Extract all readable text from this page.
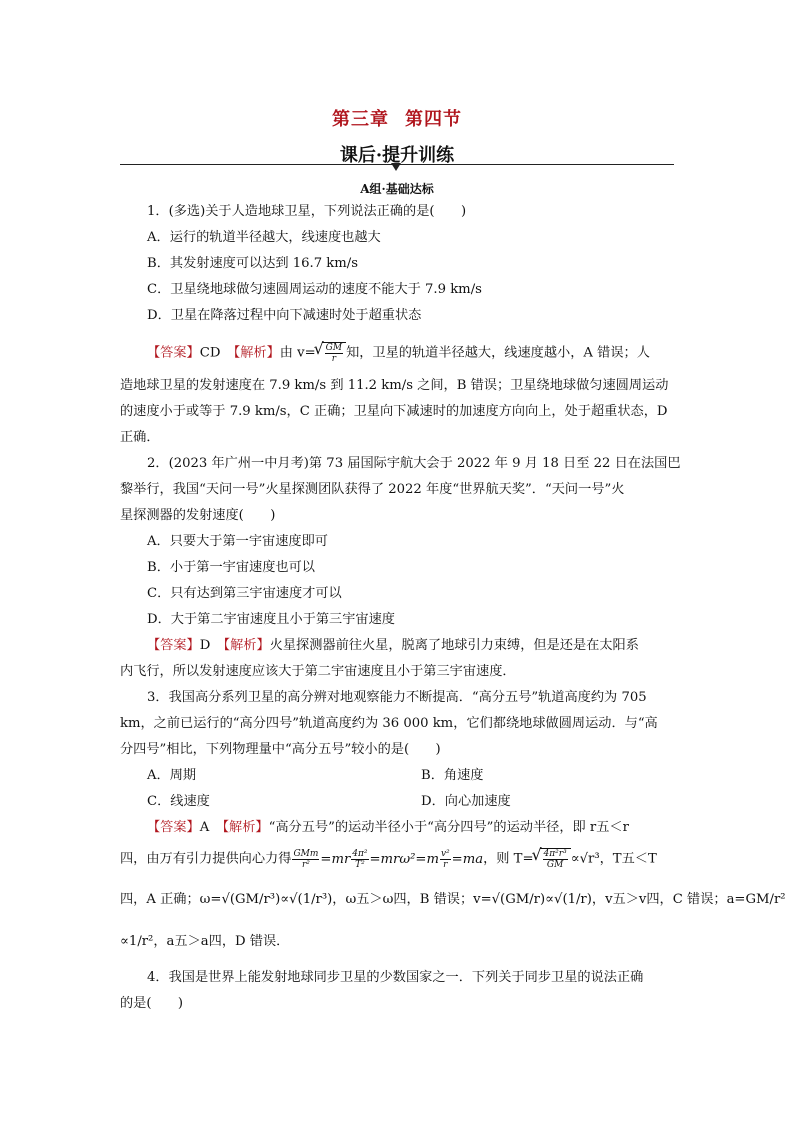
第三章 第四节
课后·提升训练
A组·基础达标
1．(多选)关于人造地球卫星，下列说法正确的是(　　)
A．运行的轨道半径越大，线速度也越大
B．其发射速度可以达到 16.7 km/s
C．卫星绕地球做匀速圆周运动的速度不能大于 7.9 km/s
D．卫星在降落过程中向下减速时处于超重状态
【答案】CD　 【解析】由 v= √ $\frac{GM}{r}$ 知，卫星的轨道半径越大，线速度越小，A 错误；人
造地球卫星的发射速度在 7.9 km/s 到 11.2 km/s 之间，B 错误；卫星绕地球做匀速圆周运动
的速度小于或等于 7.9 km/s，C 正确；卫星向下减速时的加速度方向向上，处于超重状态，D
正确．
2．(2023 年广州一中月考)第 73 届国际宇航大会于 2022 年 9 月 18 日至 22 日在法国巴
黎举行，我国“天问一号”火星探测团队获得了 2022 年度“世界航天奖”．“天问一号”火
星探测器的发射速度(　　)
A．只要大于第一宇宙速度即可
B．小于第一宇宙速度也可以
C．只有达到第三宇宙速度才可以
D．大于第二宇宙速度且小于第三宇宙速度
【答案】D　 【解析】火星探测器前往火星，脱离了地球引力束缚，但是还是在太阳系
内飞行，所以发射速度应该大于第二宇宙速度且小于第三宇宙速度．
3．我国高分系列卫星的高分辨对地观察能力不断提高．“高分五号”轨道高度约为 705
km，之前已运行的“高分四号”轨道高度约为 36 000 km，它们都绕地球做圆周运动．与“高
分四号”相比，下列物理量中“高分五号”较小的是(　　)
A．周期	B．角速度
C．线速度	D．向心加速度
【答案】A　 【解析】“高分五号”的运动半径小于“高分四号”的运动半径，即 r五＜r
四，由万有引力提供向心力得 $\frac{\text{GMm}}{\text{r²}} =mr \frac{\text{4π²}}{\text{T²}} =mr\omega^2=m \frac{\text{v²}}{r} =ma$，则 T= √ $\frac{\text{4π²r³}}{GM} \propto√r^3$，T五＜T
四，A 正确；ω=√(GM/r³)∝√(1/r³)，ω五＞ω四，B 错误；v=√(GM/r)∝√(1/r)，v五＞v四，C 错误；a=GM/r²
∝1/r²，a五＞a四，D 错误．
4．我国是世界上能发射地球同步卫星的少数国家之一．下列关于同步卫星的说法正确
的是(　　)
